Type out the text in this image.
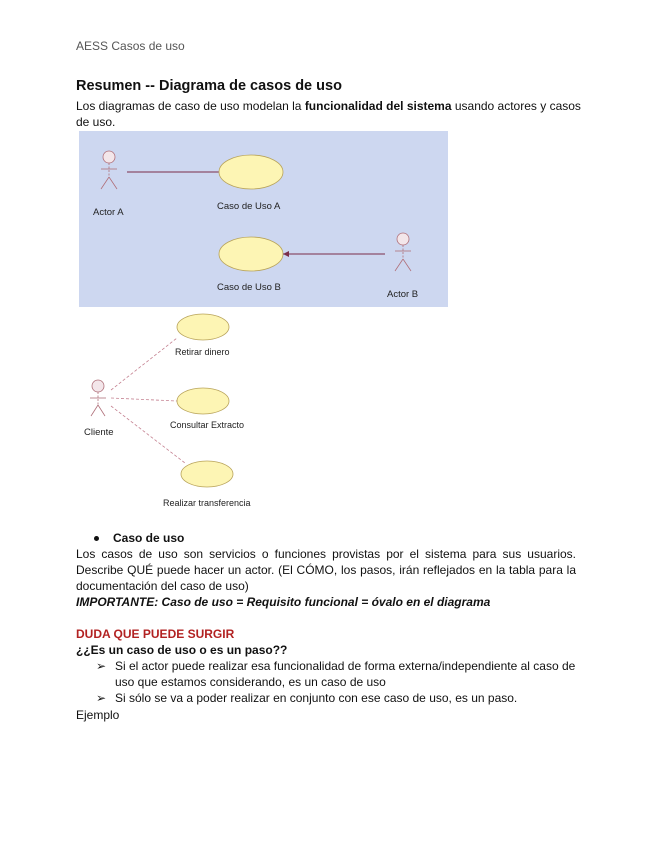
AESS Casos de uso
Resumen -- Diagrama de casos de uso
Los diagramas de caso de uso modelan la funcionalidad del sistema usando actores y casos de uso.
Actor A
Caso de Uso A
Caso de Uso B
Actor B
Cliente
Retirar dinero
Consultar Extracto
Realizar transferencia
Caso de uso
Los casos de uso son servicios o funciones provistas por el sistema para sus usuarios. Describe QUÉ puede hacer un actor. (El CÓMO, los pasos, irán reflejados en la tabla para la documentación del caso de uso)
IMPORTANTE: Caso de uso = Requisito funcional = óvalo en el diagrama
DUDA QUE PUEDE SURGIR
¿¿Es un caso de uso o es un paso??
➢ Si el actor puede realizar esa funcionalidad de forma externa/independiente al caso de uso que estamos considerando, es un caso de uso
➢ Si sólo se va a poder realizar en conjunto con ese caso de uso, es un paso.
Ejemplo
